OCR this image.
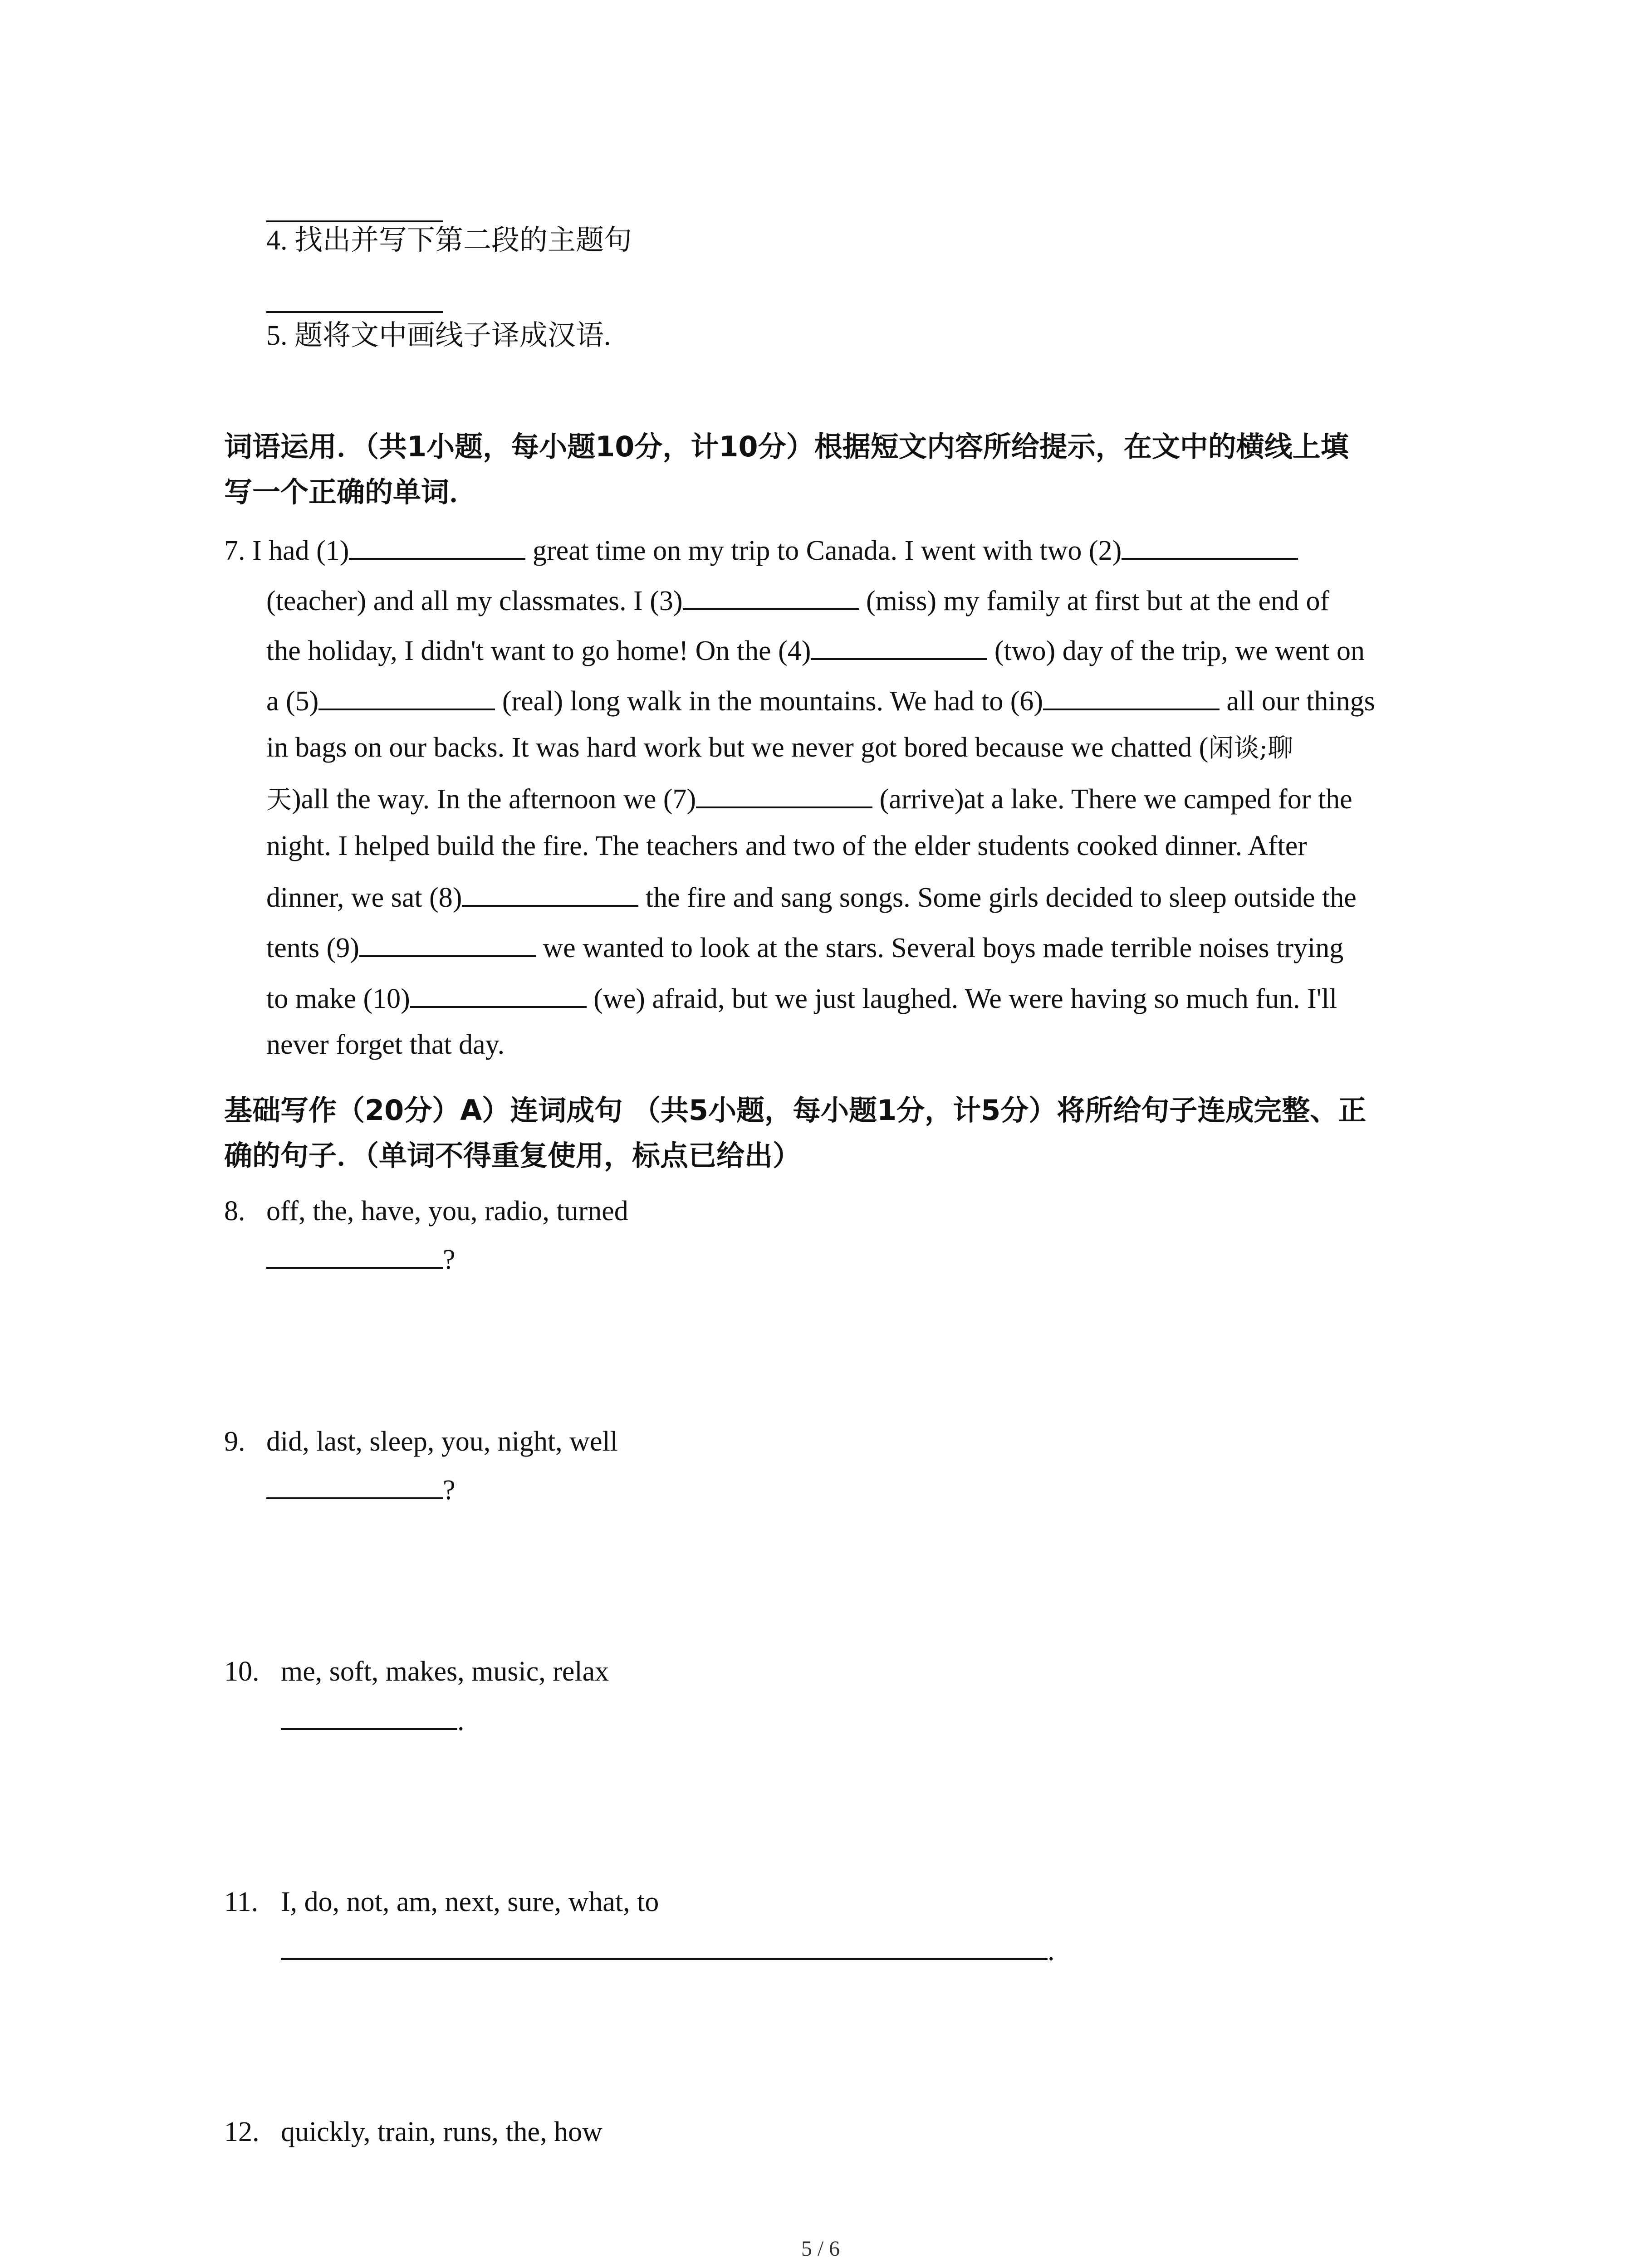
4. 找出并写下第二段的主题句
5. 题将文中画线子译成汉语.
词语运用．（共1小题，每小题10分，计10分）根据短文内容所给提示，在文中的横线上填
写一个正确的单词．
7. I had (1)	great time on my trip to Canada. I went with two (2)
(teacher) and all my classmates. I (3)	(miss) my family at first but at the end of
the holiday, I didn't want to go home! On the (4)	(two) day of the trip, we went on
a (5)	(real) long walk in the mountains. We had to (6)	all our things
in bags on our backs. It was hard work but we never got bored because we chatted (闲谈;聊
天)all the way. In the afternoon we (7)	(arrive)at a lake. There we camped for the
night. I helped build the fire. The teachers and two of the elder students cooked dinner. After
dinner, we sat (8)	the fire and sang songs. Some girls decided to sleep outside the
tents (9)	we wanted to look at the stars. Several boys made terrible noises trying
to make (10)	(we) afraid, but we just laughed. We were having so much fun. I'll
never forget that day.
基础写作（20分）A）连词成句 （共5小题，每小题1分，计5分）将所给句子连成完整、正
确的句子．（单词不得重复使用，标点已给出）
8. off, the, have, you, radio, turned
?
9. did, last, sleep, you, night, well
?
10. me, soft, makes, music, relax
.
11. I, do, not, am, next, sure, what, to
.
12. quickly, train, runs, the, how
5 / 6
